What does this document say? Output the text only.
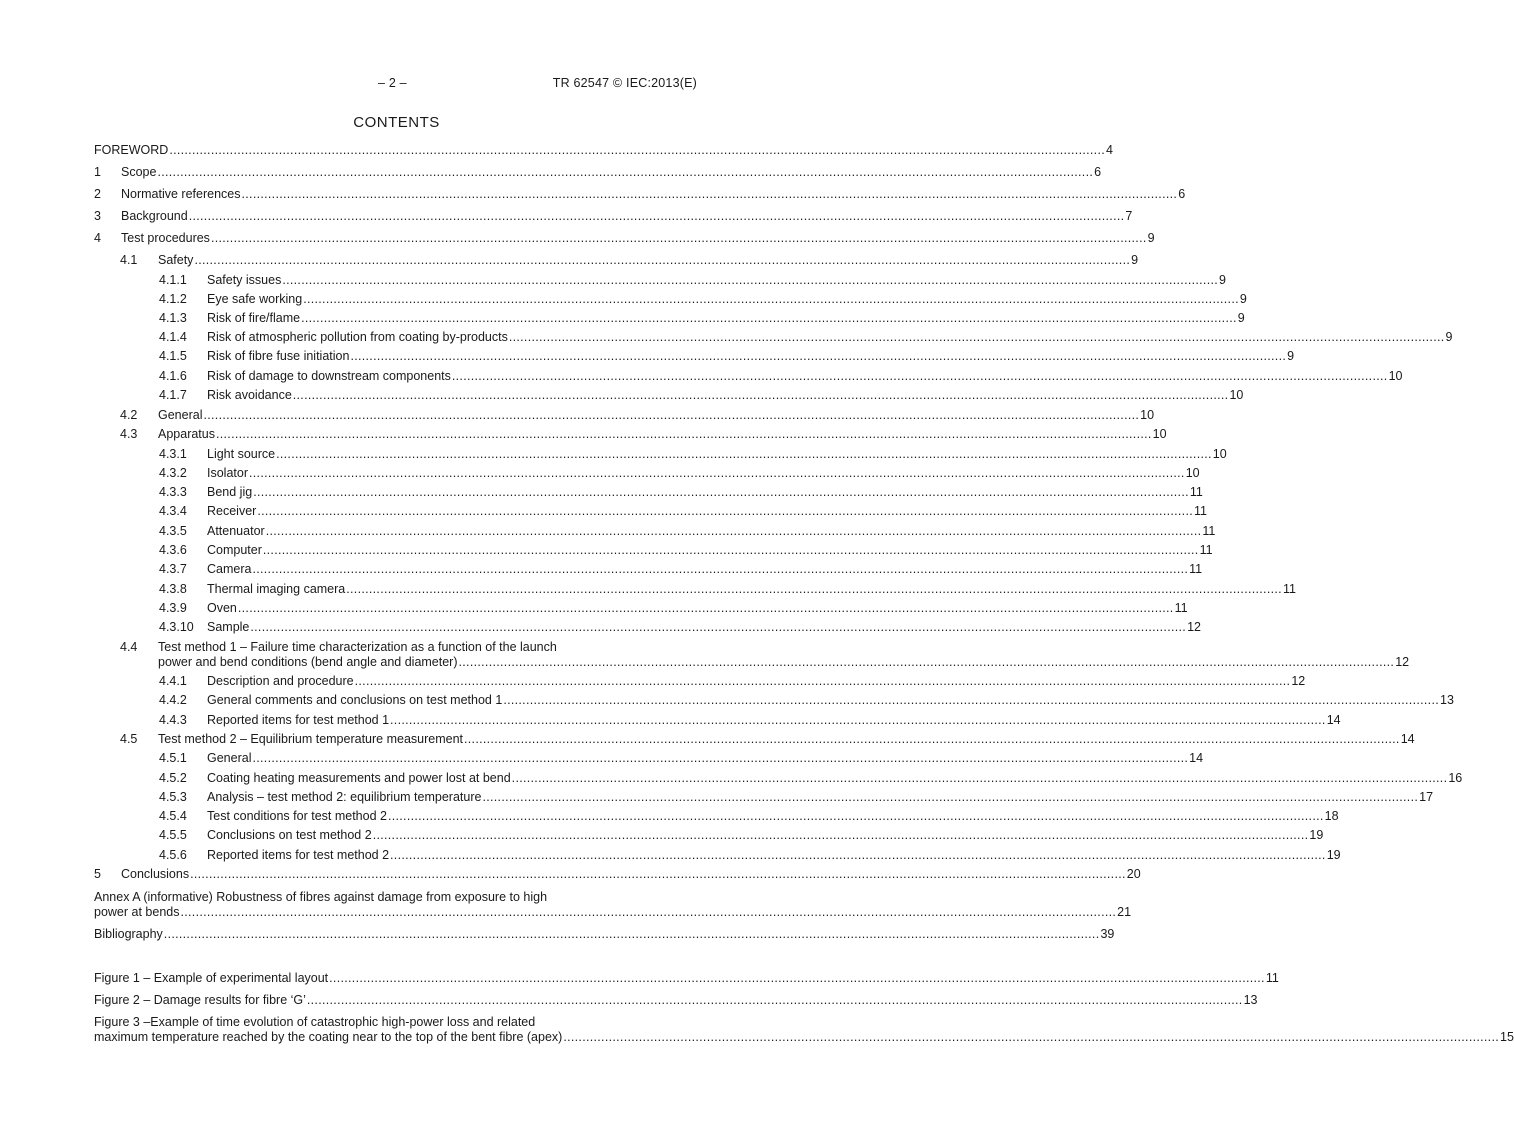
– 2 –	TR 62547 © IEC:2013(E)
CONTENTS
FOREWORD .....	4
1	Scope .....	6
2	Normative references .....	6
3	Background .....	7
4	Test procedures .....	9
4.1	Safety .....	9
4.1.1	Safety issues .....	9
4.1.2	Eye safe working .....	9
4.1.3	Risk of fire/flame .....	9
4.1.4	Risk of atmospheric pollution from coating by-products .....	9
4.1.5	Risk of fibre fuse initiation .....	9
4.1.6	Risk of damage to downstream components .....	10
4.1.7	Risk avoidance .....	10
4.2	General .....	10
4.3	Apparatus .....	10
4.3.1	Light source .....	10
4.3.2	Isolator .....	10
4.3.3	Bend jig .....	11
4.3.4	Receiver .....	11
4.3.5	Attenuator .....	11
4.3.6	Computer .....	11
4.3.7	Camera .....	11
4.3.8	Thermal imaging camera .....	11
4.3.9	Oven .....	11
4.3.10	Sample .....	12
4.4	Test method 1 – Failure time characterization as a function of the launch
power and bend conditions (bend angle and diameter) .....	12
4.4.1	Description and procedure .....	12
4.4.2	General comments and conclusions on test method 1 .....	13
4.4.3	Reported items for test method 1 .....	14
4.5	Test method 2 – Equilibrium temperature measurement .....	14
4.5.1	General .....	14
4.5.2	Coating heating measurements and power lost at bend .....	16
4.5.3	Analysis – test method 2: equilibrium temperature .....	17
4.5.4	Test conditions for test method 2 .....	18
4.5.5	Conclusions on test method 2 .....	19
4.5.6	Reported items for test method 2 .....	19
5	Conclusions .....	20
Annex A (informative) Robustness of fibres against damage from exposure to high
power at bends .....	21
Bibliography .....	39
Figure 1 – Example of experimental layout .....	11
Figure 2 – Damage results for fibre ‘G’ .....	13
Figure 3 –Example of time evolution of catastrophic high-power loss and related
maximum temperature reached by the coating near to the top of the bent fibre (apex) .....	15
